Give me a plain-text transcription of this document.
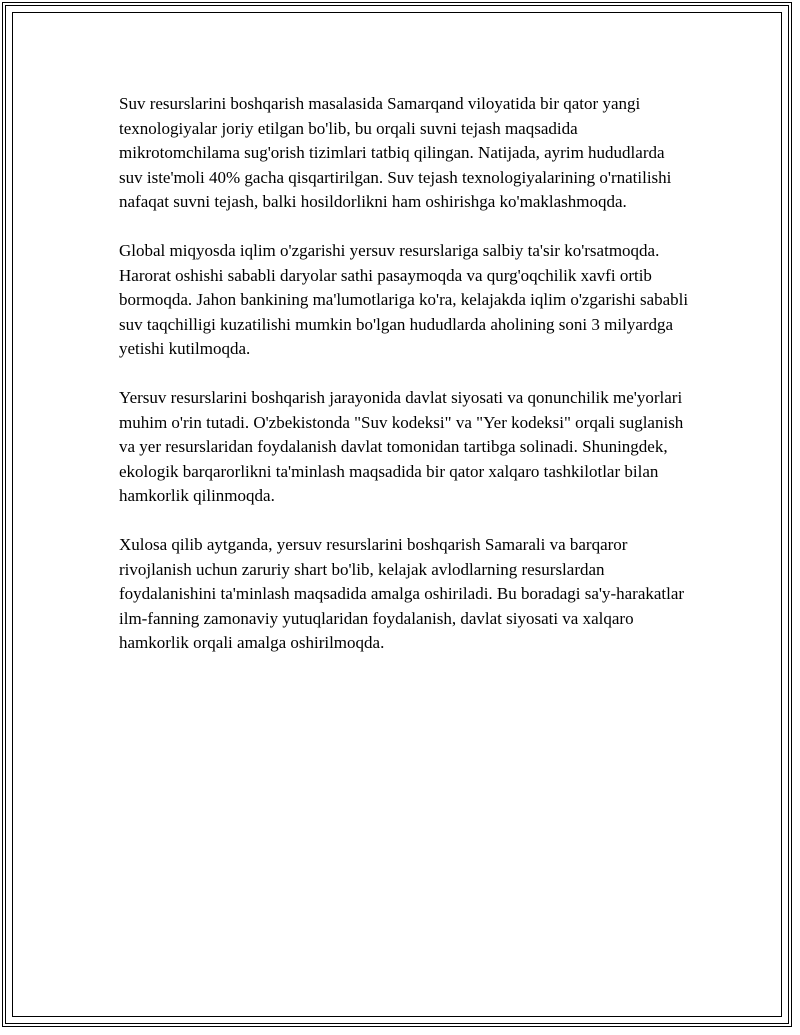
Suv resurslarini boshqarish masalasida Samarqand viloyatida bir qator yangi texnologiyalar joriy etilgan bo'lib, bu orqali suvni tejash maqsadida mikrotomchilama sug'orish tizimlari tatbiq qilingan. Natijada, ayrim hududlarda suv iste'moli 40% gacha qisqartirilgan. Suv tejash texnologiyalarining o'rnatilishi nafaqat suvni tejash, balki hosildorlikni ham oshirishga ko'maklashmoqda.

Global miqyosda iqlim o'zgarishi yersuv resurslariga salbiy ta'sir ko'rsatmoqda. Harorat oshishi sababli daryolar sathi pasaymoqda va qurg'oqchilik xavfi ortib bormoqda. Jahon bankining ma'lumotlariga ko'ra, kelajakda iqlim o'zgarishi sababli suv taqchilligi kuzatilishi mumkin bo'lgan hududlarda aholining soni 3 milyardga yetishi kutilmoqda.

Yersuv resurslarini boshqarish jarayonida davlat siyosati va qonunchilik me'yorlari muhim o'rin tutadi. O'zbekistonda "Suv kodeksi" va "Yer kodeksi" orqali suglanish va yer resurslaridan foydalanish davlat tomonidan tartibga solinadi. Shuningdek, ekologik barqarorlikni ta'minlash maqsadida bir qator xalqaro tashkilotlar bilan hamkorlik qilinmoqda.

Xulosa qilib aytganda, yersuv resurslarini boshqarish Samarali va barqaror rivojlanish uchun zaruriy shart bo'lib, kelajak avlodlarning resurslardan foydalanishini ta'minlash maqsadida amalga oshiriladi. Bu boradagi sa'y-harakatlar ilm-fanning zamonaviy yutuqlaridan foydalanish, davlat siyosati va xalqaro hamkorlik orqali amalga oshirilmoqda.
